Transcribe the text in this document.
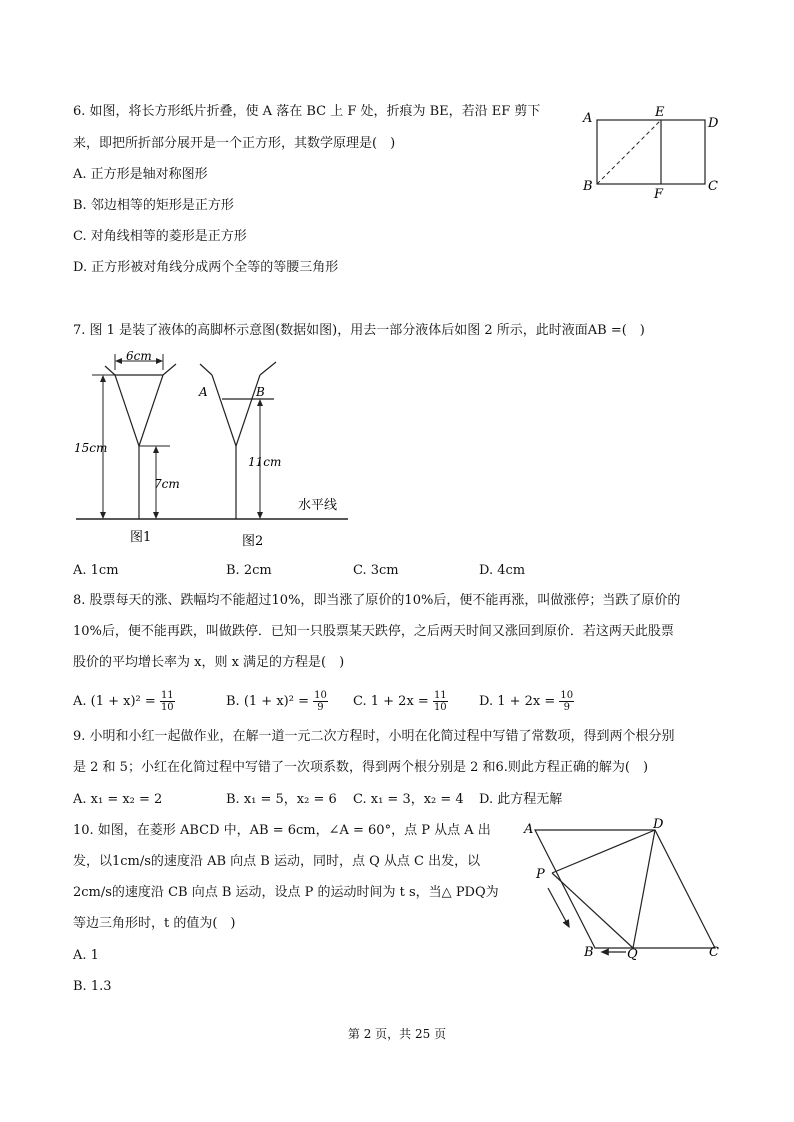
6. 如图，将长方形纸片折叠，使 A 落在 BC 上 F 处，折痕为 BE，若沿 EF 剪下
来，即把所折部分展开是一个正方形，其数学原理是(　)
A. 正方形是轴对称图形
B. 邻边相等的矩形是正方形
C. 对角线相等的菱形是正方形
D. 正方形被对角线分成两个全等的等腰三角形
A	E
D
B
F
C
7. 图 1 是装了液体的高脚杯示意图(数据如图)，用去一部分液体后如图 2 所示，此时液面AB =(　)
6cm
15cm
7cm
A	B
11cm
水平线
图1	图2
A. 1cm	B. 2cm	C. 3cm	D. 4cm
8. 股票每天的涨、跌幅均不能超过10%，即当涨了原价的10%后，便不能再涨，叫做涨停；当跌了原价的
10%后，便不能再跌，叫做跌停．已知一只股票某天跌停，之后两天时间又涨回到原价．若这两天此股票
股价的平均增长率为 x，则 x 满足的方程是(　)
A. $(1 + x)^2 = \frac{11}{10}$	B. $(1 + x)^2 = \frac{10}{9} C$. $1 + 2x = \frac{11}{10} D$. $1 + 2x = \frac{10}{9}$
9. 小明和小红一起做作业，在解一道一元二次方程时，小明在化简过程中写错了常数项，得到两个根分别
是 2 和 5；小红在化简过程中写错了一次项系数，得到两个根分别是 2 和6.则此方程正确的解为(　)
A. x₁ = x₂ = 2	B. x₁ = 5，x₂ = 6 C. x₁ = 3，x₂ = 4 D. 此方程无解
10. 如图，在菱形 ABCD 中，AB = 6cm，∠A = 60°，点 P 从点 A 出
发，以1cm/s的速度沿 AB 向点 B 运动，同时，点 Q 从点 C 出发，以
2cm/s的速度沿 CB 向点 B 运动，设点 P 的运动时间为 t s，当△ PDQ为
等边三角形时，t 的值为(　)
A. 1
B. 1.3
A	D
P
B	Q	C
第 2 页，共 25 页
